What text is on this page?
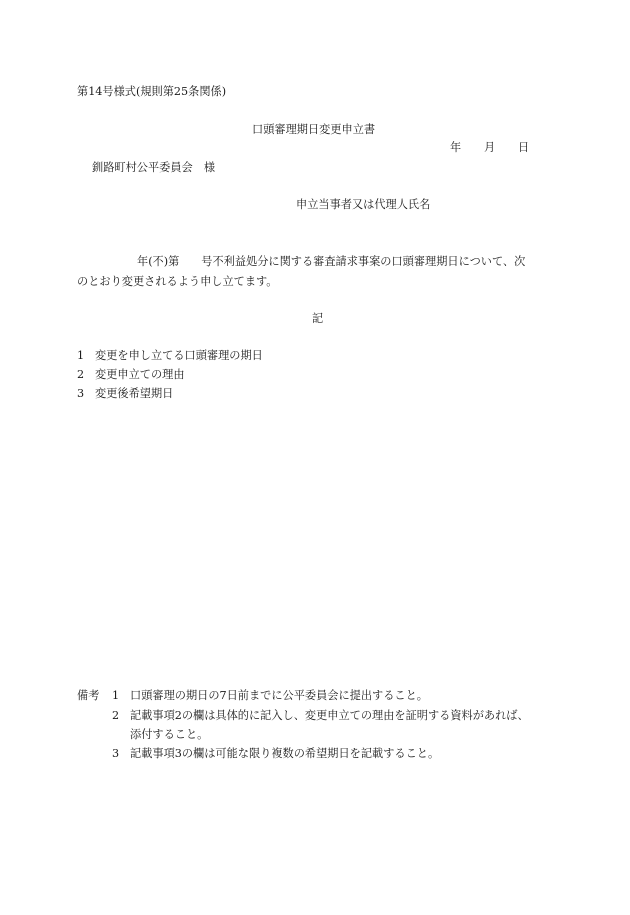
第14号様式(規則第25条関係)
口頭審理期日変更申立書
年 月 日
釧路町村公平委員会　様
申立当事者又は代理人氏名
年(不)第 号不利益処分に関する審査請求事案の口頭審理期日について、次
のとおり変更されるよう申し立てます。
記
1 変更を申し立てる口頭審理の期日
2 変更申立ての理由
3 変更後希望期日
備考 1 口頭審理の期日の7日前までに公平委員会に提出すること。
2 記載事項2の欄は具体的に記入し、変更申立ての理由を証明する資料があれば、
添付すること。
3 記載事項3の欄は可能な限り複数の希望期日を記載すること。
